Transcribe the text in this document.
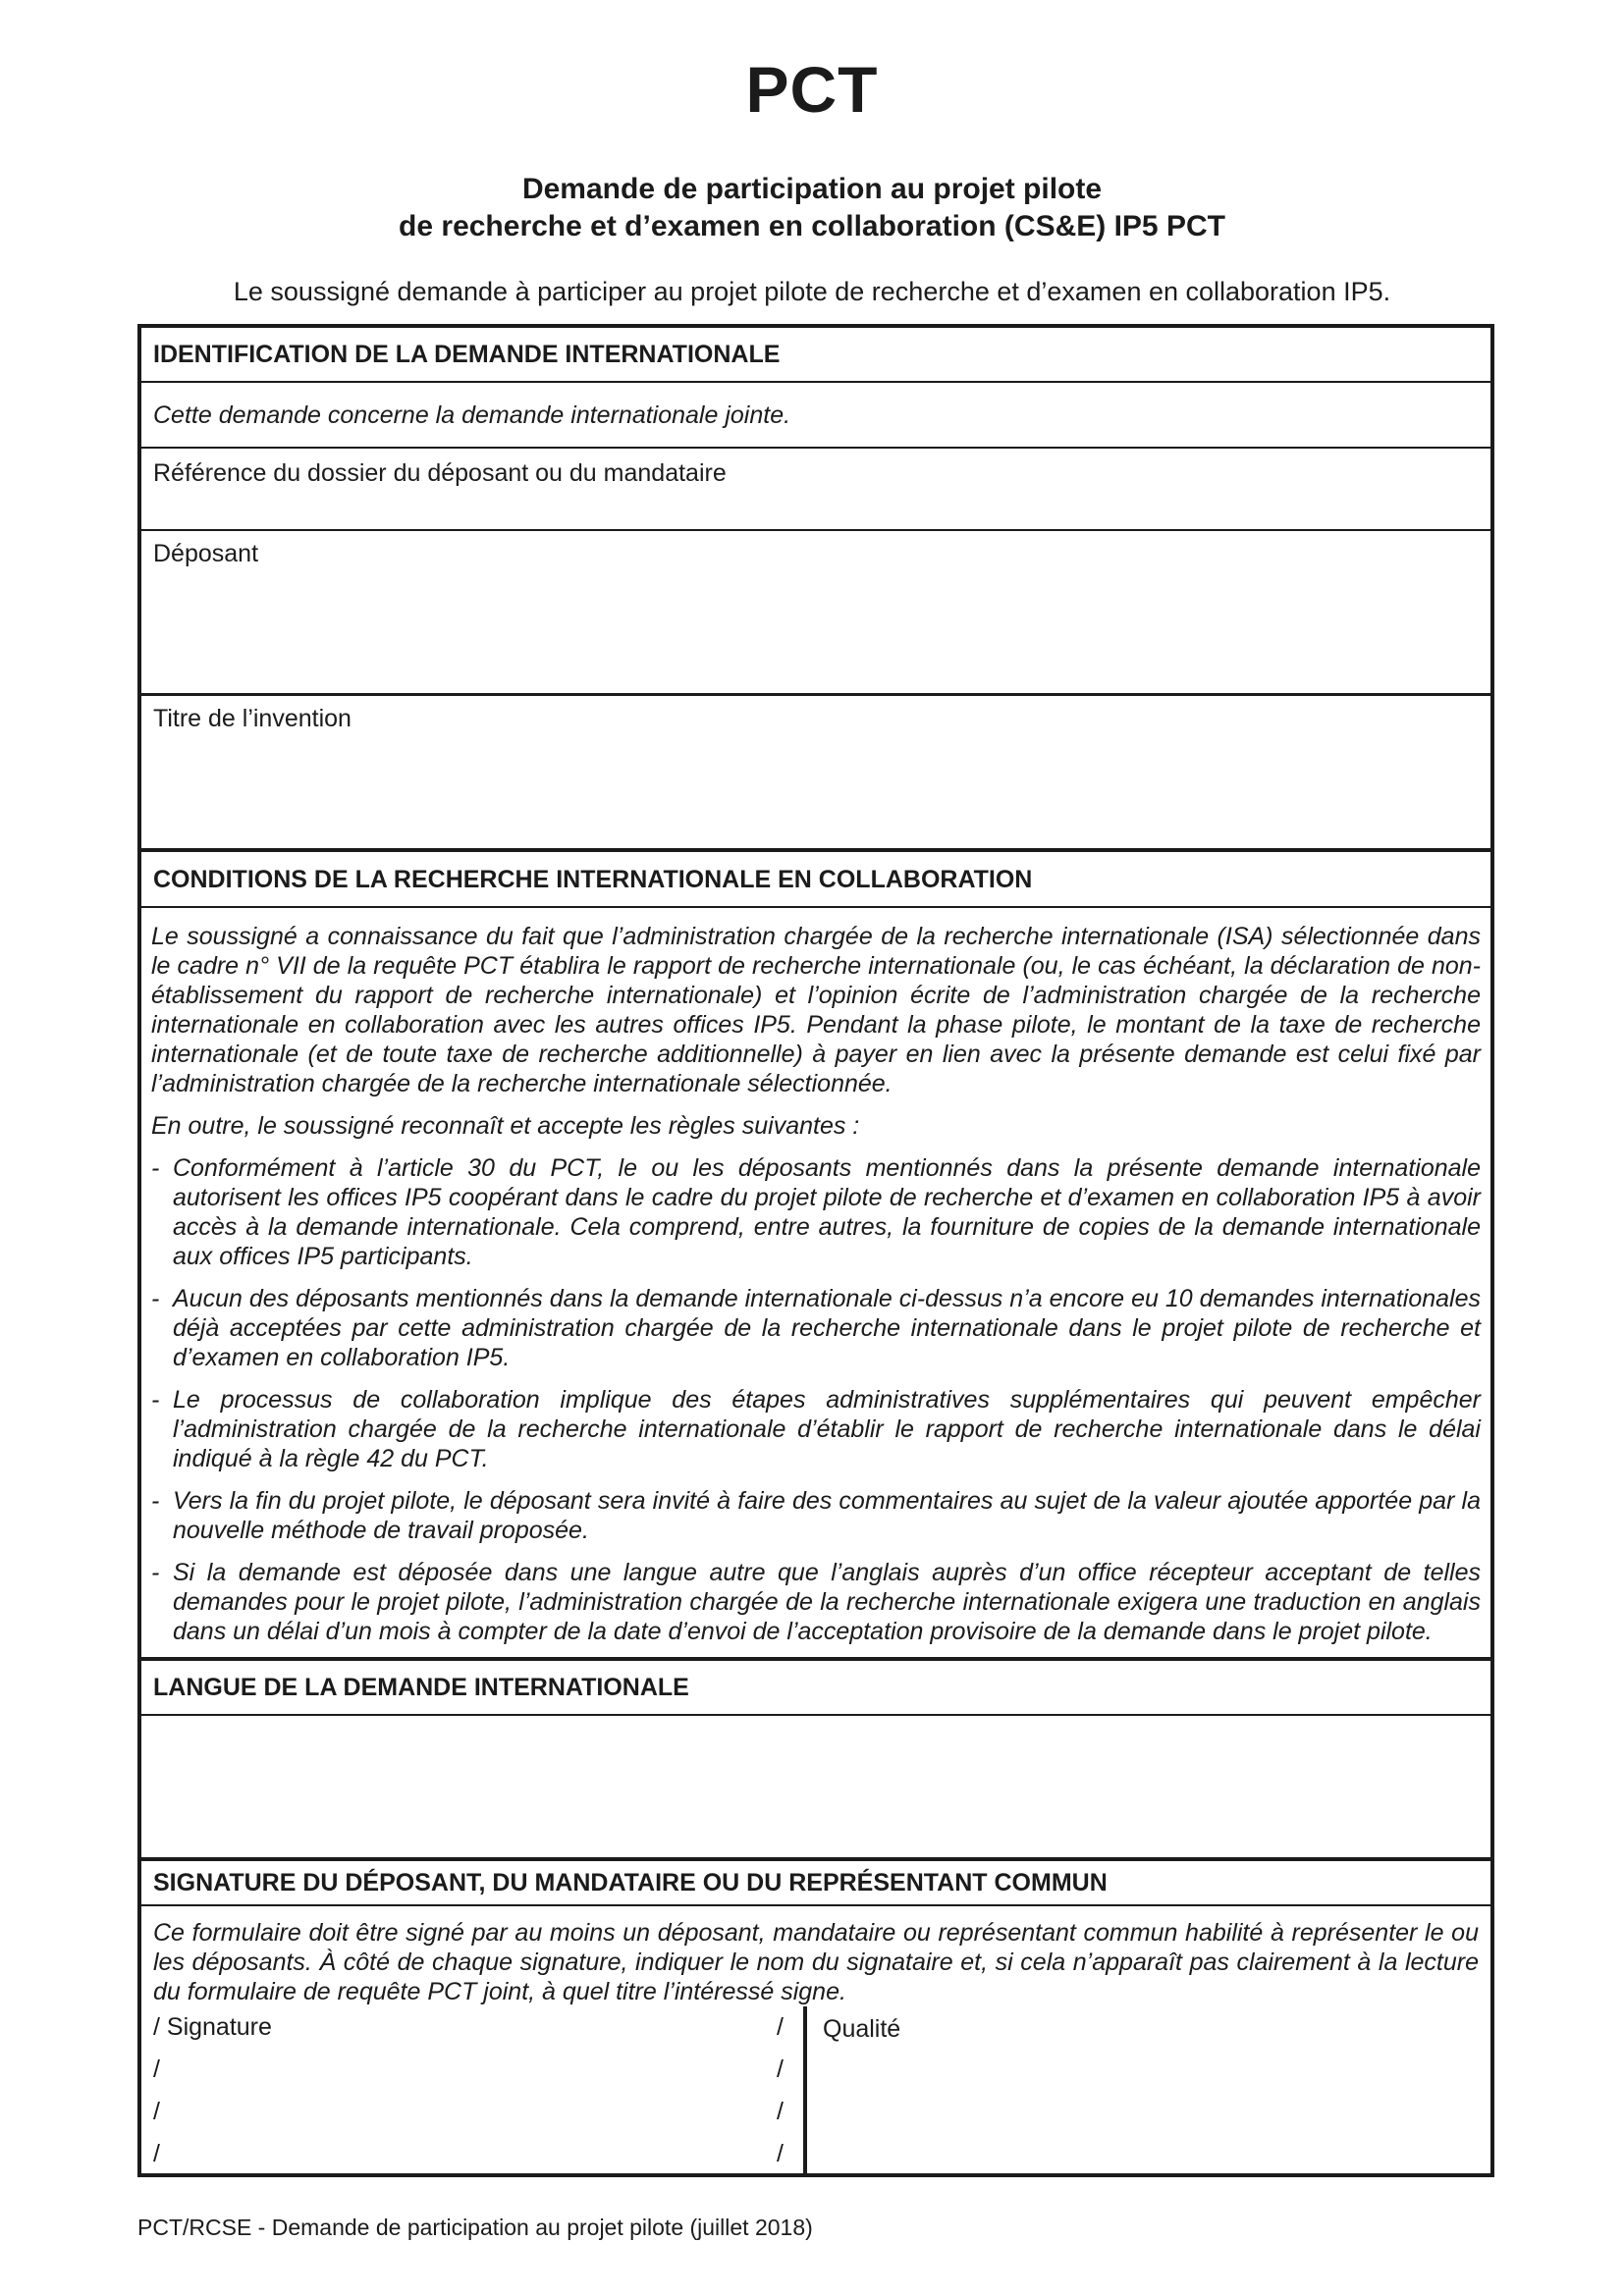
PCT
Demande de participation au projet pilote
de recherche et d’examen en collaboration (CS&E) IP5 PCT
Le soussigné demande à participer au projet pilote de recherche et d’examen en collaboration IP5.
IDENTIFICATION DE LA DEMANDE INTERNATIONALE
Cette demande concerne la demande internationale jointe.
Référence du dossier du déposant ou du mandataire
Déposant
Titre de l’invention
CONDITIONS DE LA RECHERCHE INTERNATIONALE EN COLLABORATION

Le soussigné a connaissance du fait que l’administration chargée de la recherche internationale (ISA) sélectionnée dans le cadre n° VII de la requête PCT établira le rapport de recherche internationale (ou, le cas échéant, la déclaration de non-établissement du rapport de recherche internationale) et l’opinion écrite de l’administration chargée de la recherche internationale en collaboration avec les autres offices IP5. Pendant la phase pilote, le montant de la taxe de recherche internationale (et de toute taxe de recherche additionnelle) à payer en lien avec la présente demande est celui fixé par l’administration chargée de la recherche internationale sélectionnée.

En outre, le soussigné reconnaît et accepte les règles suivantes :

- Conformément à l’article 30 du PCT, le ou les déposants mentionnés dans la présente demande internationale autorisent les offices IP5 coopérant dans le cadre du projet pilote de recherche et d’examen en collaboration IP5 à avoir accès à la demande internationale. Cela comprend, entre autres, la fourniture de copies de la demande internationale aux offices IP5 participants.
- Aucun des déposants mentionnés dans la demande internationale ci-dessus n’a encore eu 10 demandes internationales déjà acceptées par cette administration chargée de la recherche internationale dans le projet pilote de recherche et d’examen en collaboration IP5.
- Le processus de collaboration implique des étapes administratives supplémentaires qui peuvent empêcher l’administration chargée de la recherche internationale d’établir le rapport de recherche internationale dans le délai indiqué à la règle 42 du PCT.
- Vers la fin du projet pilote, le déposant sera invité à faire des commentaires au sujet de la valeur ajoutée apportée par la nouvelle méthode de travail proposée.
- Si la demande est déposée dans une langue autre que l’anglais auprès d’un office récepteur acceptant de telles demandes pour le projet pilote, l’administration chargée de la recherche internationale exigera une traduction en anglais dans un délai d’un mois à compter de la date d’envoi de l’acceptation provisoire de la demande dans le projet pilote.
LANGUE DE LA DEMANDE INTERNATIONALE
SIGNATURE DU DÉPOSANT, DU MANDATAIRE OU DU REPRÉSENTANT COMMUN
Ce formulaire doit être signé par au moins un déposant, mandataire ou représentant commun habilité à représenter le ou les déposants. À côté de chaque signature, indiquer le nom du signataire et, si cela n’apparaît pas clairement à la lecture du formulaire de requête PCT joint, à quel titre l’intéressé signe.
/ Signature	/
/	/
/	/
/	/
Qualité
PCT/RCSE - Demande de participation au projet pilote (juillet 2018)
